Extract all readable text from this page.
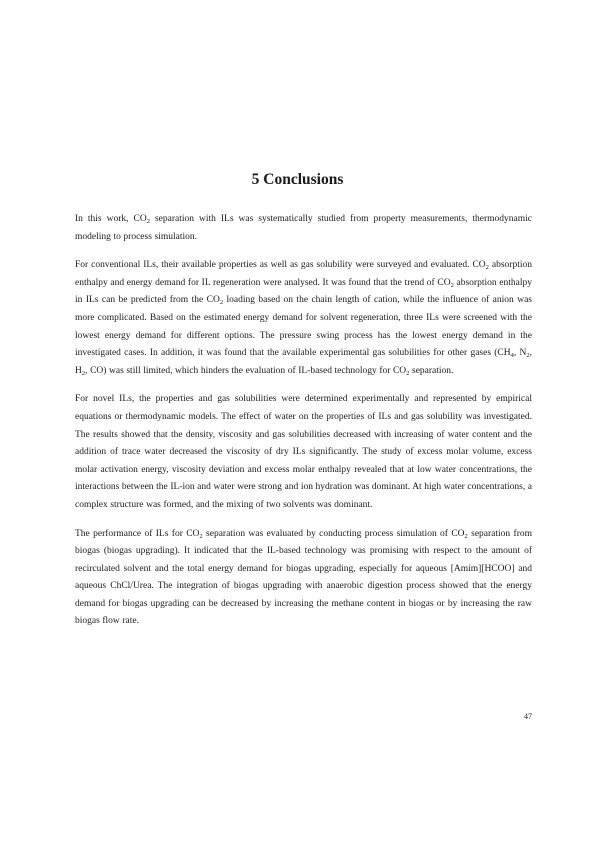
5 Conclusions

In this work, $CO_2$ separation with ILs was systematically studied from property measurements, thermodynamic modeling to process simulation.

For conventional ILs, their available properties as well as gas solubility were surveyed and evaluated. $CO_2$ absorption enthalpy and energy demand for IL regeneration were analysed. It was found that the trend of $CO_2$ absorption enthalpy in ILs can be predicted from the $CO_2$ loading based on the chain length of cation, while the influence of anion was more complicated. Based on the estimated energy demand for solvent regeneration, three ILs were screened with the lowest energy demand for different options. The pressure swing process has the lowest energy demand in the investigated cases. In addition, it was found that the available experimental gas solubilities for other gases ($CH_4$, $N_2$, $H_2$, CO) was still limited, which hinders the evaluation of IL-based technology for $CO_2$ separation.

For novel ILs, the properties and gas solubilities were determined experimentally and represented by empirical equations or thermodynamic models. The effect of water on the properties of ILs and gas solubility was investigated. The results showed that the density, viscosity and gas solubilities decreased with increasing of water content and the addition of trace water decreased the viscosity of dry ILs significantly. The study of excess molar volume, excess molar activation energy, viscosity deviation and excess molar enthalpy revealed that at low water concentrations, the interactions between the IL-ion and water were strong and ion hydration was dominant. At high water concentrations, a complex structure was formed, and the mixing of two solvents was dominant.

The performance of ILs for $CO_2$ separation was evaluated by conducting process simulation of $CO_2$ separation from biogas (biogas upgrading). It indicated that the IL-based technology was promising with respect to the amount of recirculated solvent and the total energy demand for biogas upgrading, especially for aqueous [Amim][HCOO] and aqueous ChCl/Urea. The integration of biogas upgrading with anaerobic digestion process showed that the energy demand for biogas upgrading can be decreased by increasing the methane content in biogas or by increasing the raw biogas flow rate.

47
